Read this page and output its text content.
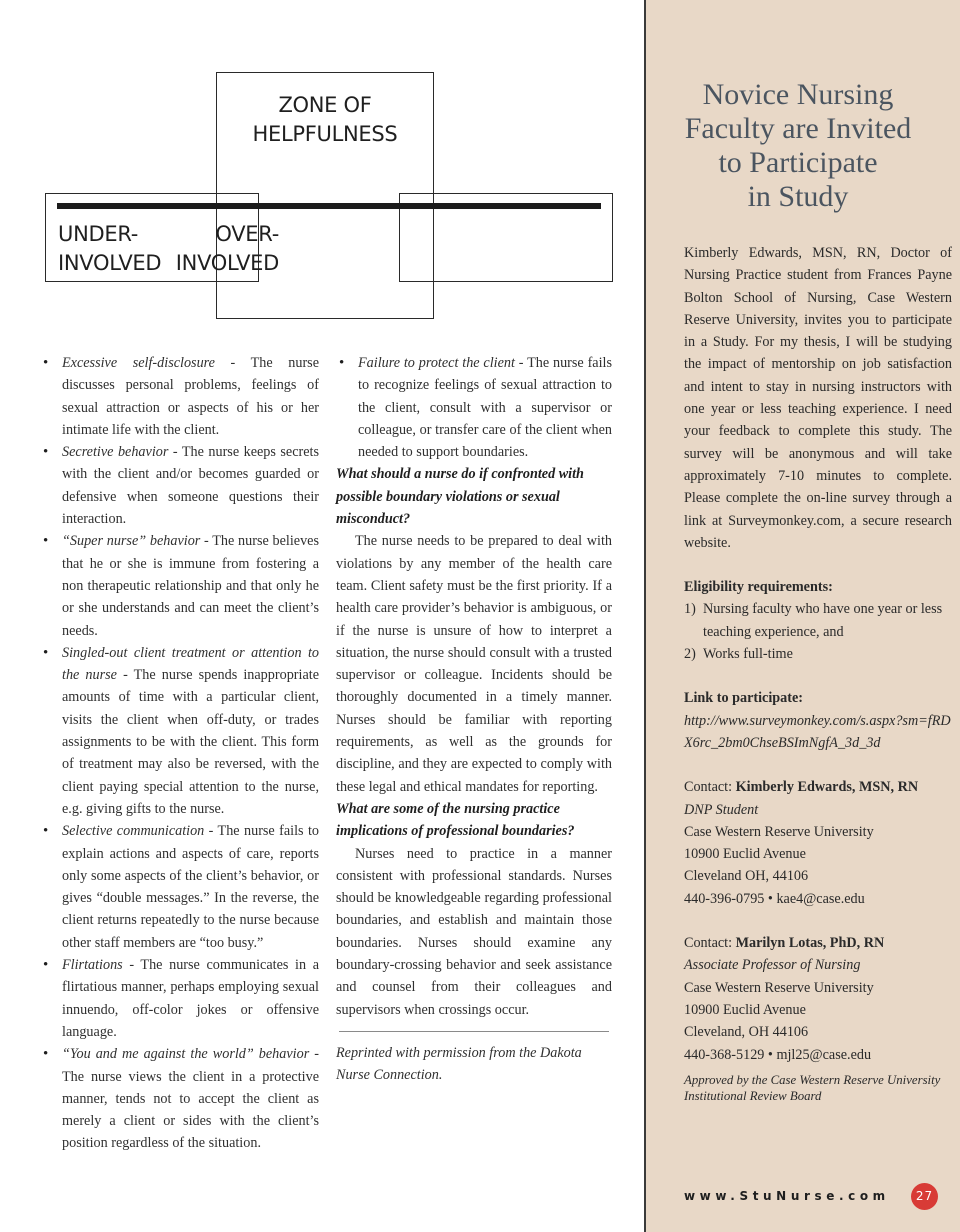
ZONE OF
HELPFULNESS
UNDER-
INVOLVED
OVER-
INVOLVED
• Excessive self-disclosure - The nurse discusses personal problems, feelings of sexual attraction or aspects of his or her intimate life with the client.
• Secretive behavior - The nurse keeps secrets with the client and/or becomes guarded or defensive when someone questions their interaction.
• “Super nurse” behavior - The nurse believes that he or she is immune from fostering a non therapeutic relationship and that only he or she understands and can meet the client’s needs.
• Singled-out client treatment or attention to the nurse - The nurse spends inappropriate amounts of time with a particular client, visits the client when off-duty, or trades assignments to be with the client. This form of treatment may also be reversed, with the client paying special attention to the nurse, e.g. giving gifts to the nurse.
• Selective communication - The nurse fails to explain actions and aspects of care, reports only some aspects of the client’s behavior, or gives “double messages.” In the reverse, the client returns repeatedly to the nurse because other staff members are “too busy.”
• Flirtations - The nurse communicates in a flirtatious manner, perhaps employing sexual innuendo, off-color jokes or offensive language.
• “You and me against the world” behavior - The nurse views the client in a protective manner, tends not to accept the client as merely a client or sides with the client’s position regardless of the situation.
• Failure to protect the client - The nurse fails to recognize feelings of sexual attraction to the client, consult with a supervisor or colleague, or transfer care of the client when needed to support boundaries.

What should a nurse do if confronted with possible boundary violations or sexual misconduct?

The nurse needs to be prepared to deal with violations by any member of the health care team. Client safety must be the first priority. If a health care provider’s behavior is ambiguous, or if the nurse is unsure of how to interpret a situation, the nurse should consult with a trusted supervisor or colleague. Incidents should be thoroughly documented in a timely manner. Nurses should be familiar with reporting requirements, as well as the grounds for discipline, and they are expected to comply with these legal and ethical mandates for reporting.

What are some of the nursing practice implications of professional boundaries?

Nurses need to practice in a manner consistent with professional standards. Nurses should be knowledgeable regarding professional boundaries, and establish and maintain those boundaries. Nurses should examine any boundary-crossing behavior and seek assistance and counsel from their colleagues and supervisors when crossings occur.

Reprinted with permission from the Dakota Nurse Connection.

Novice Nursing
Faculty are Invited
to Participate
in Study

Kimberly Edwards, MSN, RN, Doctor of Nursing Practice student from Frances Payne Bolton School of Nursing, Case Western Reserve University, invites you to participate in a Study. For my thesis, I will be studying the impact of mentorship on job satisfaction and intent to stay in nursing instructors with one year or less teaching experience. I need your feedback to complete this study. The survey will be anonymous and will take approximately 7-10 minutes to complete. Please complete the on-line survey through a link at Surveymonkey.com, a secure research website.

Eligibility requirements:
1) Nursing faculty who have one year or less teaching experience, and
2) Works full-time
Link to participate:
http://www.surveymonkey.com/s.aspx?sm=fRDX6rc_2bm0ChseBSImNgfA_3d_3d
Contact: Kimberly Edwards, MSN, RN
DNP Student
Case Western Reserve University
10900 Euclid Avenue
Cleveland OH, 44106
440-396-0795 • kae4@case.edu
Contact: Marilyn Lotas, PhD, RN
Associate Professor of Nursing
Case Western Reserve University
10900 Euclid Avenue
Cleveland, OH 44106
440-368-5129 • mjl25@case.edu
Approved by the Case Western Reserve University Institutional Review Board
www.StuNurse.com	27
